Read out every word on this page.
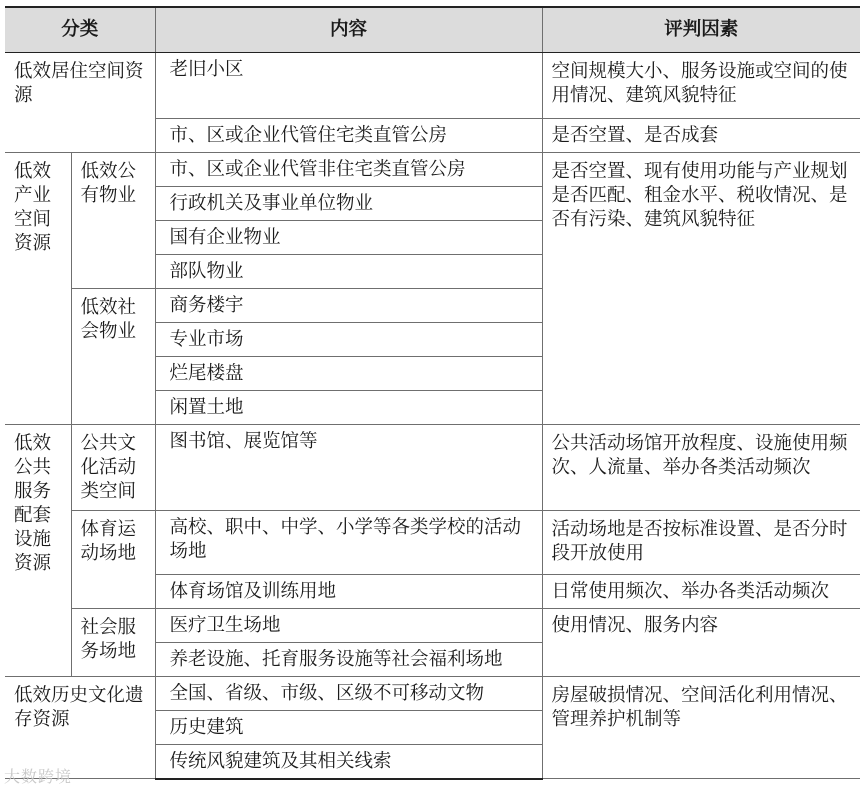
分类		内容	评判因素

低效居住空间资源		老旧小区	空间规模大小、服务设施或空间的使用情况、建筑风貌特征

		市、区或企业代管住宅类直管公房	是否空置、是否成套

低效产业空间资源	低效公有物业	市、区或企业代管非住宅类直管公房	是否空置、现有使用功能与产业规划是否匹配、租金水平、税收情况、是否有污染、建筑风貌特征

		行政机关及事业单位物业	

		国有企业物业	

		部队物业	

	低效社会物业	商务楼宇	

		专业市场	

		烂尾楼盘	

		闲置土地	

低效公共服务配套设施资源	公共文化活动类空间	图书馆、展览馆等	公共活动场馆开放程度、设施使用频次、人流量、举办各类活动频次

	体育运动场地	高校、职中、中学、小学等各类学校的活动场地	活动场地是否按标准设置、是否分时段开放使用

		体育场馆及训练用地	日常使用频次、举办各类活动频次

	社会服务场地	医疗卫生场地	使用情况、服务内容

		养老设施、托育服务设施等社会福利场地	

低效历史文化遗存资源		全国、省级、市级、区级不可移动文物	房屋破损情况、空间活化利用情况、管理养护机制等

		历史建筑	

		传统风貌建筑及其相关线索	
大数跨境
